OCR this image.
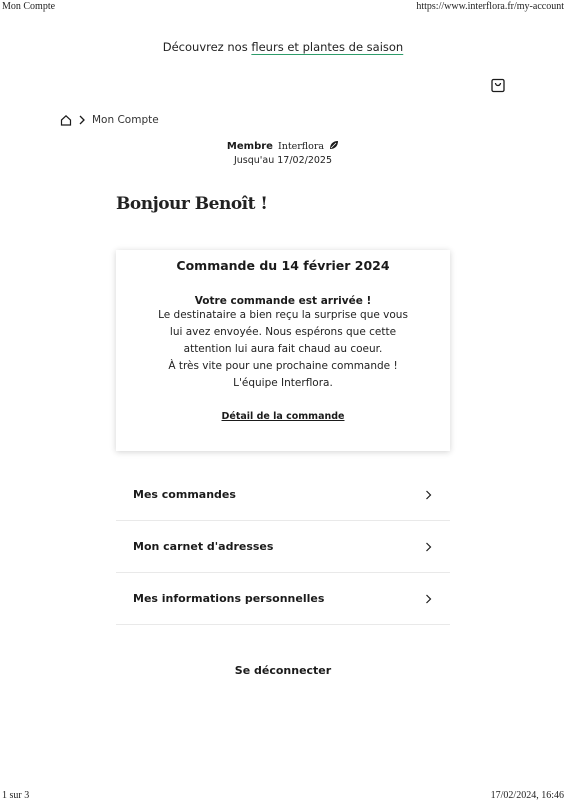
Mon Compte	https://www.interflora.fr/my-account
1 sur 3	17/02/2024, 16:46
Découvrez nos fleurs et plantes de saison
Mon Compte
Membre Interflora
Jusqu'au 17/02/2025
Bonjour Benoît !
Commande du 14 février 2024
Votre commande est arrivée !
Le destinataire a bien reçu la surprise que vous
lui avez envoyée. Nous espérons que cette
attention lui aura fait chaud au coeur.
À très vite pour une prochaine commande !
L'équipe Interflora.
Détail de la commande
Mes commandes
Mon carnet d'adresses
Mes informations personnelles
Se déconnecter
